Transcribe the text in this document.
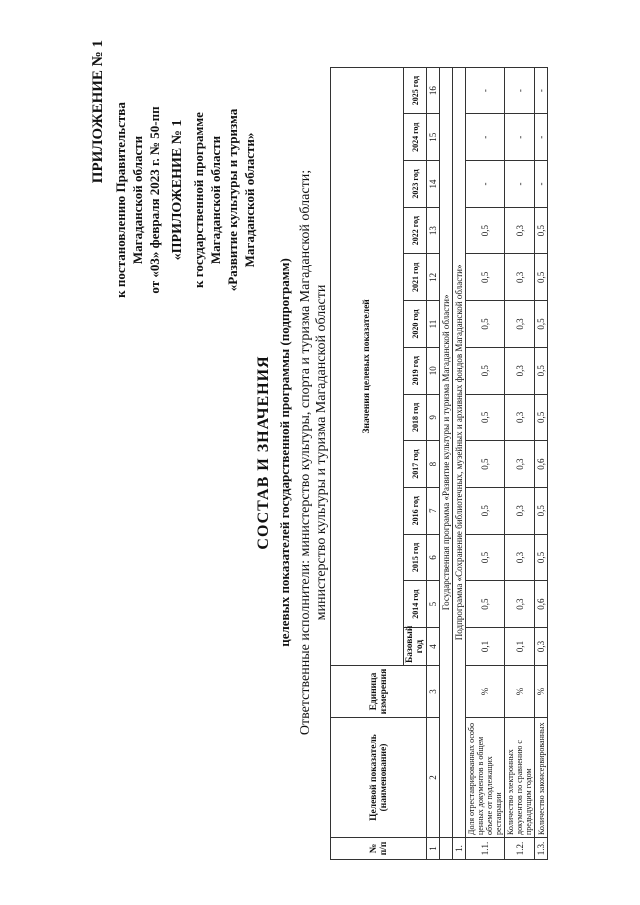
ПРИЛОЖЕНИЕ № 1 к постановлению Правительства Магаданской области от «03» февраля 2023 г. № 50-пп «ПРИЛОЖЕНИЕ № 1 к государственной программе Магаданской области «Развитие культуры и туризма Магаданской области»
СОСТАВ И ЗНАЧЕНИЯ целевых показателей государственной программы (подпрограмм) Ответственные исполнители: министерство культуры, спорта и туризма Магаданской области; министерство культуры и туризма Магаданской области
№ п/п	Целевой показатель (наименование)	Единица измерения	Значения целевых показателей												
			Базовый год	2014 год	2015 год	2016 год	2017 год	2018 год	2019 год	2020 год	2021 год	2022 год	2023 год	2024 год	2025 год
1	2	3	4	5	6	7	8	9	10	11	12	13	14	15	16
	Государственная программа «Развитие культуры и туризма Магаданской области»														
1.	Подпрограмма «Сохранение библиотечных, музейных и архивных фондов Магаданской области»														
1.1.	Доля отреставрированных особо ценных документов в общем объеме от подлежащих реставрации	%	0,1	0,5	0,5	0,5	0,5	0,5	0,5	0,5	0,5	0,5	-	-	-
1.2.	Количество электронных документов по сравнению с предыдущим годом	%	0,1	0,3	0,3	0,3	0,3	0,3	0,3	0,3	0,3	0,3	-	-	-
1.3.	Количество законсервированных	%	0,3	0,6	0,5	0,5	0,6	0,5	0,5	0,5	0,5	0,5	-	-	-
